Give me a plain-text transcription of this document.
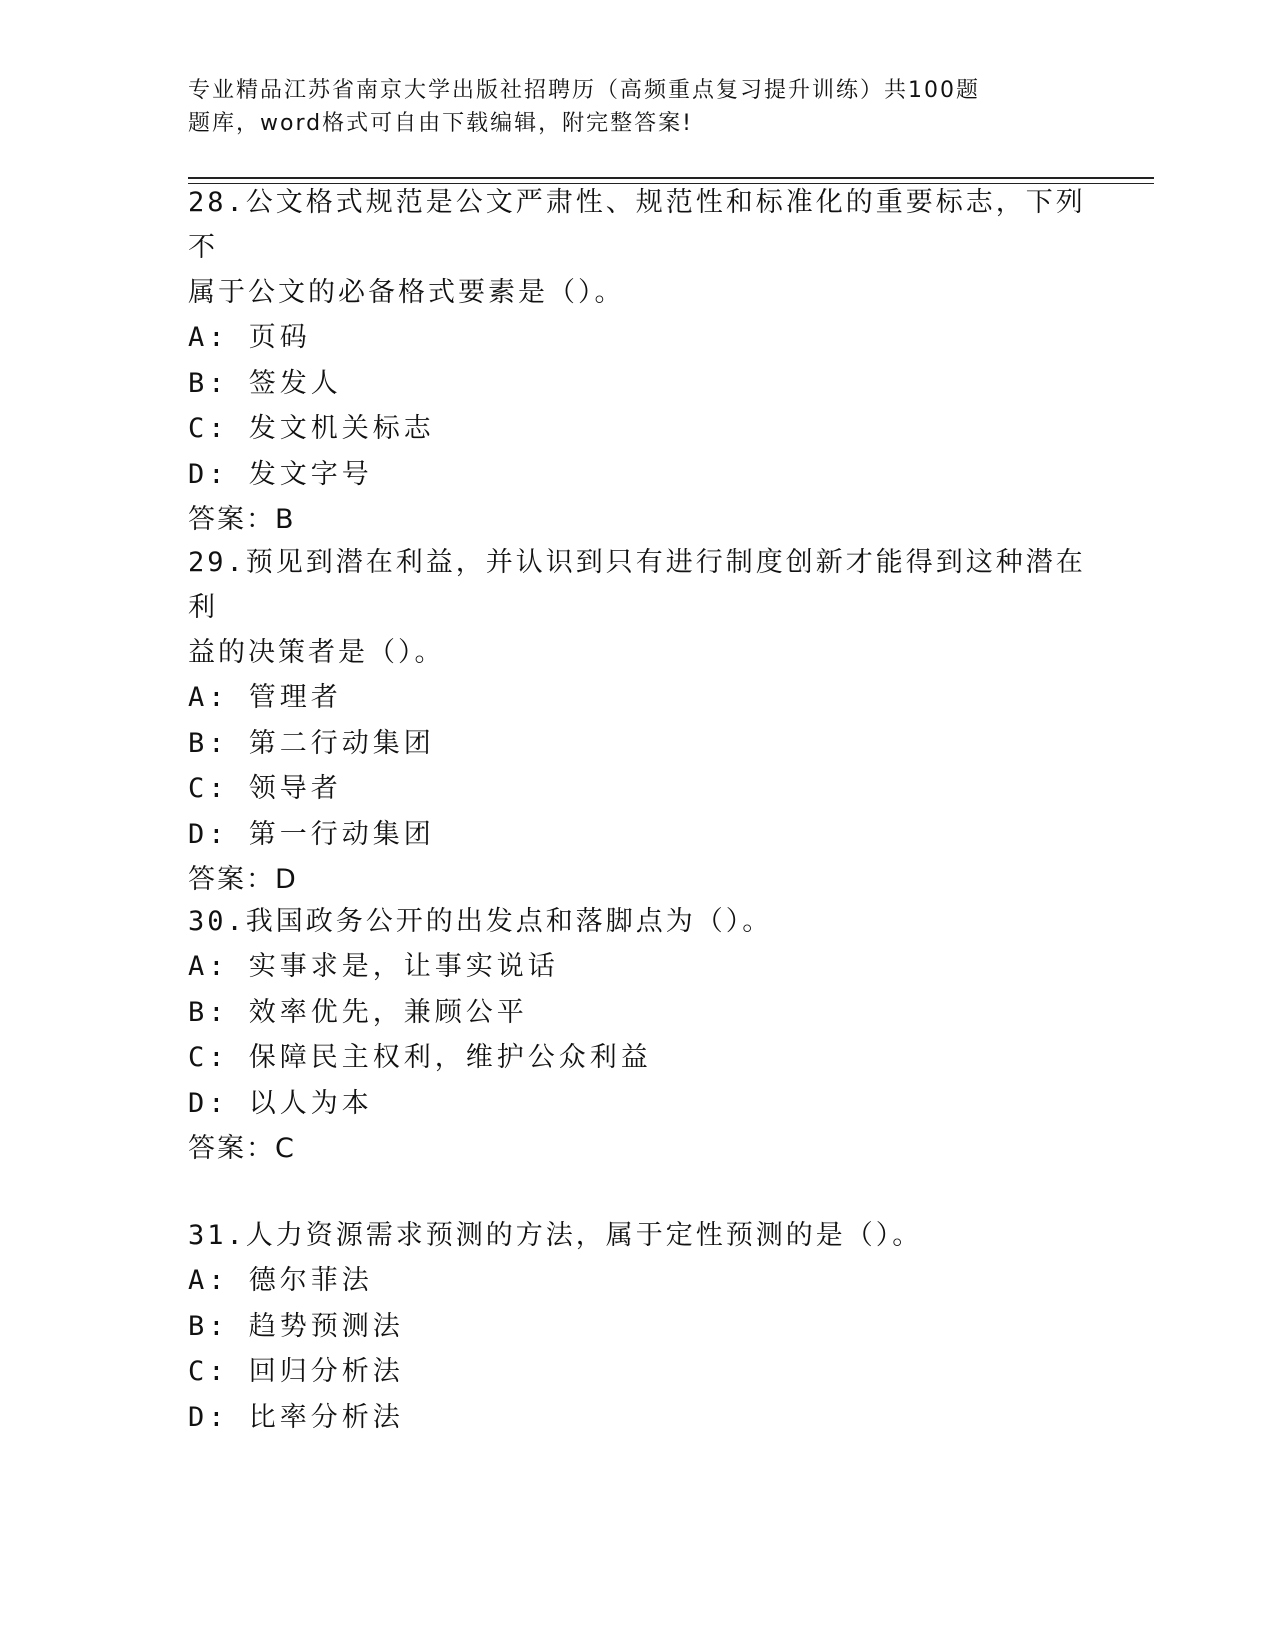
专业精品江苏省南京大学出版社招聘历（高频重点复习提升训练）共100题
题库，word格式可自由下载编辑，附完整答案!

28.公文格式规范是公文严肃性、规范性和标准化的重要标志，下列不

属于公文的必备格式要素是（）。

A: 页码

B: 签发人

C: 发文机关标志

D: 发文字号

答案：B

29.预见到潜在利益，并认识到只有进行制度创新才能得到这种潜在利

益的决策者是（）。

A: 管理者

B: 第二行动集团

C: 领导者

D: 第一行动集团

答案：D

30.我国政务公开的出发点和落脚点为（）。

A: 实事求是，让事实说话

B: 效率优先，兼顾公平

C: 保障民主权利，维护公众利益

D: 以人为本

答案：C

31.人力资源需求预测的方法，属于定性预测的是（）。

A: 德尔菲法

B: 趋势预测法

C: 回归分析法

D: 比率分析法
